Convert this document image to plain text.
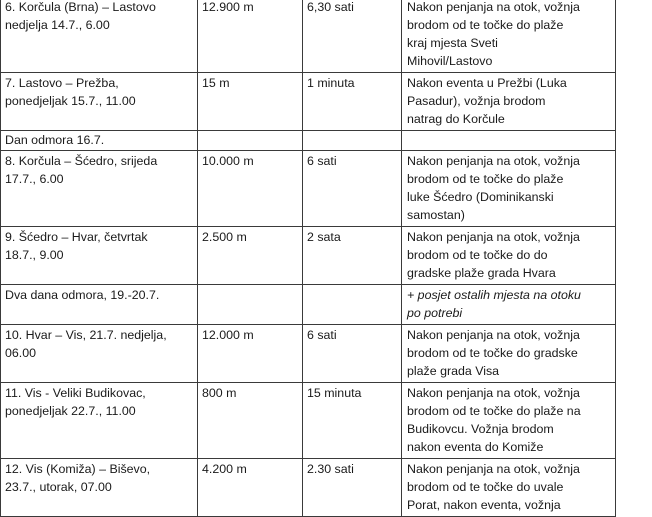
6. Korčula (Brna) – Lastovo
nedjelja 14.7., 6.00	12.900 m	6,30 sati	Nakon penjanja na otok, vožnja
brodom od te točke do plaže
kraj mjesta Sveti
Mihovil/Lastovo
7. Lastovo – Prežba,
ponedjeljak 15.7., 11.00	15 m	1 minuta	Nakon eventa u Prežbi (Luka
Pasadur), vožnja brodom
natrag do Korčule
Dan odmora 16.7.			
8. Korčula – Šćedro, srijeda
17.7., 6.00	10.000 m	6 sati	Nakon penjanja na otok, vožnja
brodom od te točke do plaže
luke Šćedro (Dominikanski
samostan)
9. Šćedro – Hvar, četvrtak
18.7., 9.00	2.500 m	2 sata	Nakon penjanja na otok, vožnja
brodom od te točke do do
gradske plaže grada Hvara
Dva dana odmora, 19.-20.7.			+ posjet ostalih mjesta na otoku
po potrebi
10. Hvar – Vis, 21.7. nedjelja,
06.00	12.000 m	6 sati	Nakon penjanja na otok, vožnja
brodom od te točke do gradske
plaže grada Visa
11. Vis - Veliki Budikovac,
ponedjeljak 22.7., 11.00	800 m	15 minuta	Nakon penjanja na otok, vožnja
brodom od te točke do plaže na
Budikovcu. Vožnja brodom
nakon eventa do Komiže
12. Vis (Komiža) – Biševo,
23.7., utorak, 07.00	4.200 m	2.30 sati	Nakon penjanja na otok, vožnja
brodom od te točke do uvale
Porat, nakon eventa, vožnja
